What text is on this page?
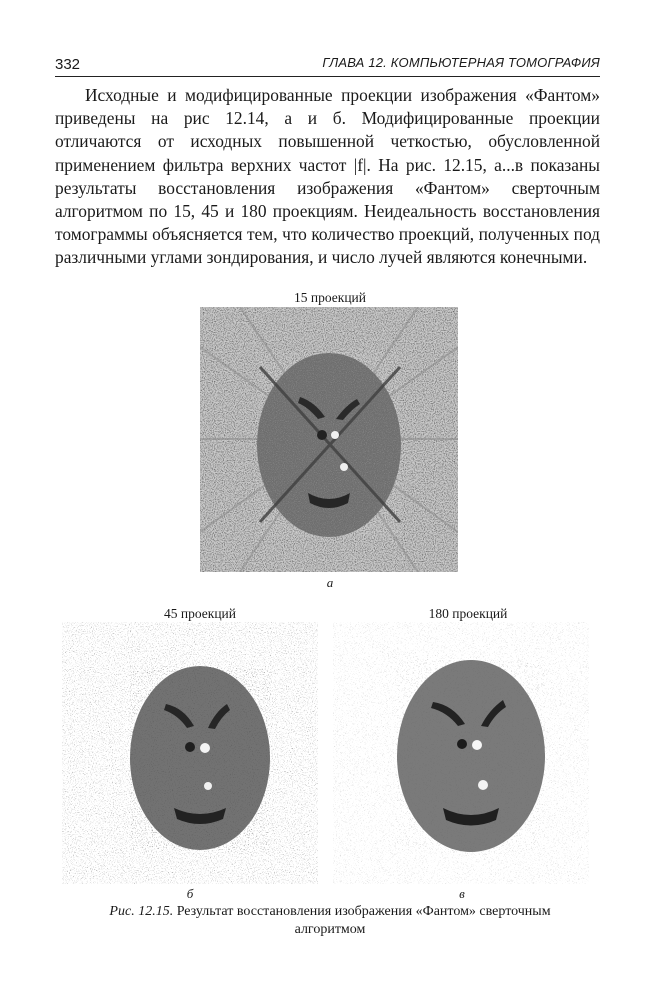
332	ГЛАВА 12. КОМПЬЮТЕРНАЯ ТОМОГРАФИЯ

Исходные и модифицированные проекции изображения «Фантом» приведены на рис 12.14, а и б. Модифицированные проекции отличаются от исходных повышенной четкостью, обусловленной применением фильтра верхних частот |f|. На рис. 12.15, а...в показаны результаты восстановления изображения «Фантом» сверточным алгоритмом по 15, 45 и 180 проекциям. Неидеальность восстановления томограммы объясняется тем, что количество проекций, полученных под различными углами зондирования, и число лучей являются конечными.

15 проекций
а
45 проекций
б
180 проекций
в
Рис. 12.15. Результат восстановления изображения «Фантом» сверточным алгоритмом
